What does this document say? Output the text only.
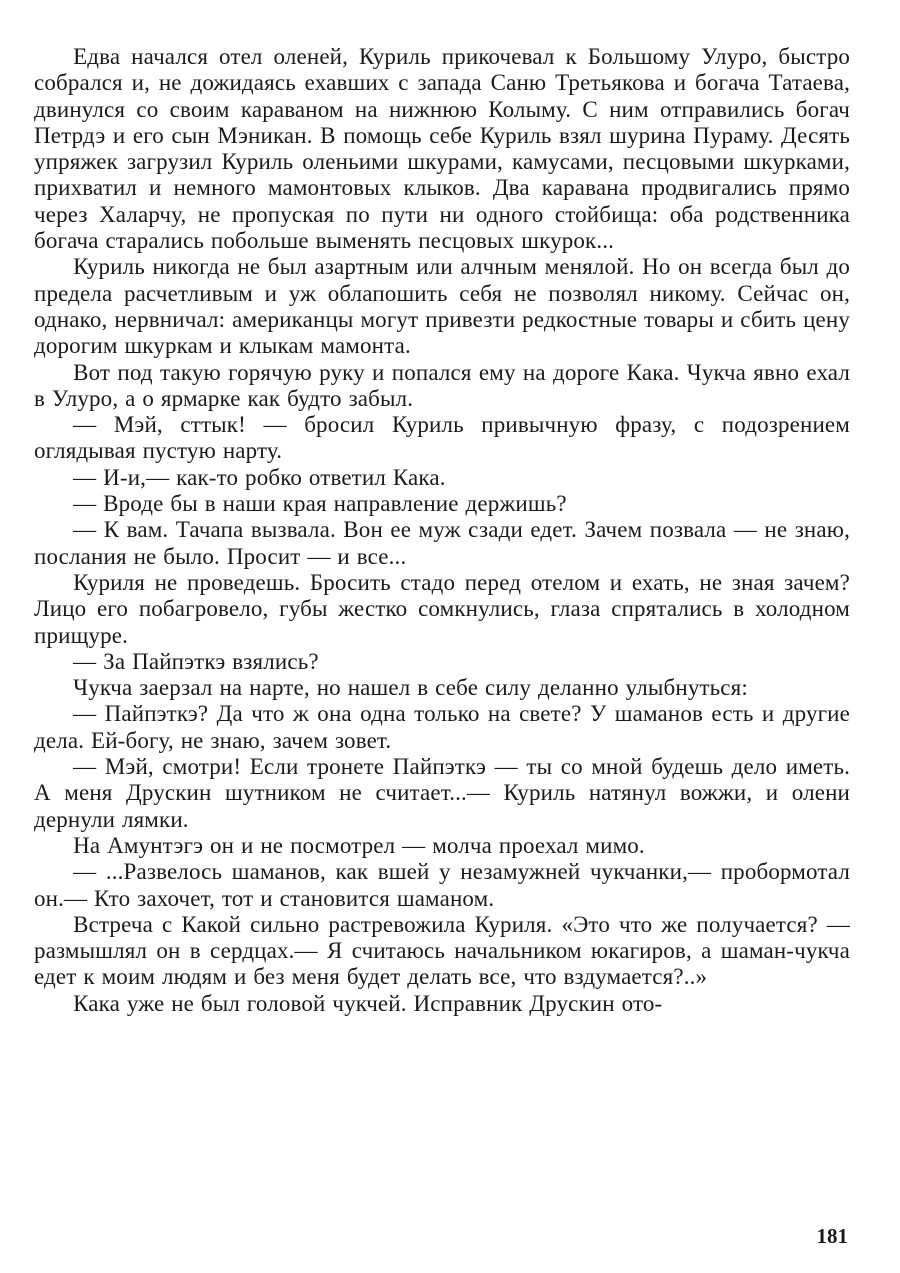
Едва начался отел оленей, Куриль прикочевал к Большому Улуро, быстро собрался и, не дожидаясь ехавших с запада Саню Третьякова и богача Татаева, двинулся со своим караваном на нижнюю Колыму. С ним отправились богач Петрдэ и его сын Мэникан. В помощь себе Куриль взял шурина Пураму. Десять упряжек загрузил Куриль оленьими шкурами, камусами, песцовыми шкурками, прихватил и немного мамонтовых клыков. Два каравана продвигались прямо через Халарчу, не пропуская по пути ни одного стойбища: оба родственника богача старались побольше выменять песцовых шкурок...

Куриль никогда не был азартным или алчным менялой. Но он всегда был до предела расчетливым и уж облапошить себя не позволял никому. Сейчас он, однако, нервничал: американцы могут привезти редкостные товары и сбить цену дорогим шкуркам и клыкам мамонта.

Вот под такую горячую руку и попался ему на дороге Кака. Чукча явно ехал в Улуро, а о ярмарке как будто забыл.

— Мэй, сттык! — бросил Куриль привычную фразу, с подозрением оглядывая пустую нарту.

— И-и,— как-то робко ответил Кака.

— Вроде бы в наши края направление держишь?

— К вам. Тачапа вызвала. Вон ее муж сзади едет. Зачем позвала — не знаю, послания не было. Просит — и все...

Куриля не проведешь. Бросить стадо перед отелом и ехать, не зная зачем? Лицо его побагровело, губы жестко сомкнулись, глаза спрятались в холодном прищуре.

— За Пайпэткэ взялись?

Чукча заерзал на нарте, но нашел в себе силу деланно улыбнуться:

— Пайпэткэ? Да что ж она одна только на свете? У шаманов есть и другие дела. Ей-богу, не знаю, зачем зовет.

— Мэй, смотри! Если тронете Пайпэткэ — ты со мной будешь дело иметь. А меня Друскин шутником не считает...— Куриль натянул вожжи, и олени дернули лямки.

На Амунтэгэ он и не посмотрел — молча проехал мимо.

— ...Развелось шаманов, как вшей у незамужней чукчанки,— пробормотал он.— Кто захочет, тот и становится шаманом.

Встреча с Какой сильно растревожила Куриля. «Это что же получается? — размышлял он в сердцах.— Я считаюсь начальником юкагиров, а шаман-чукча едет к моим людям и без меня будет делать все, что вздумается?..»

Кака уже не был головой чукчей. Исправник Друскин ото-

181
